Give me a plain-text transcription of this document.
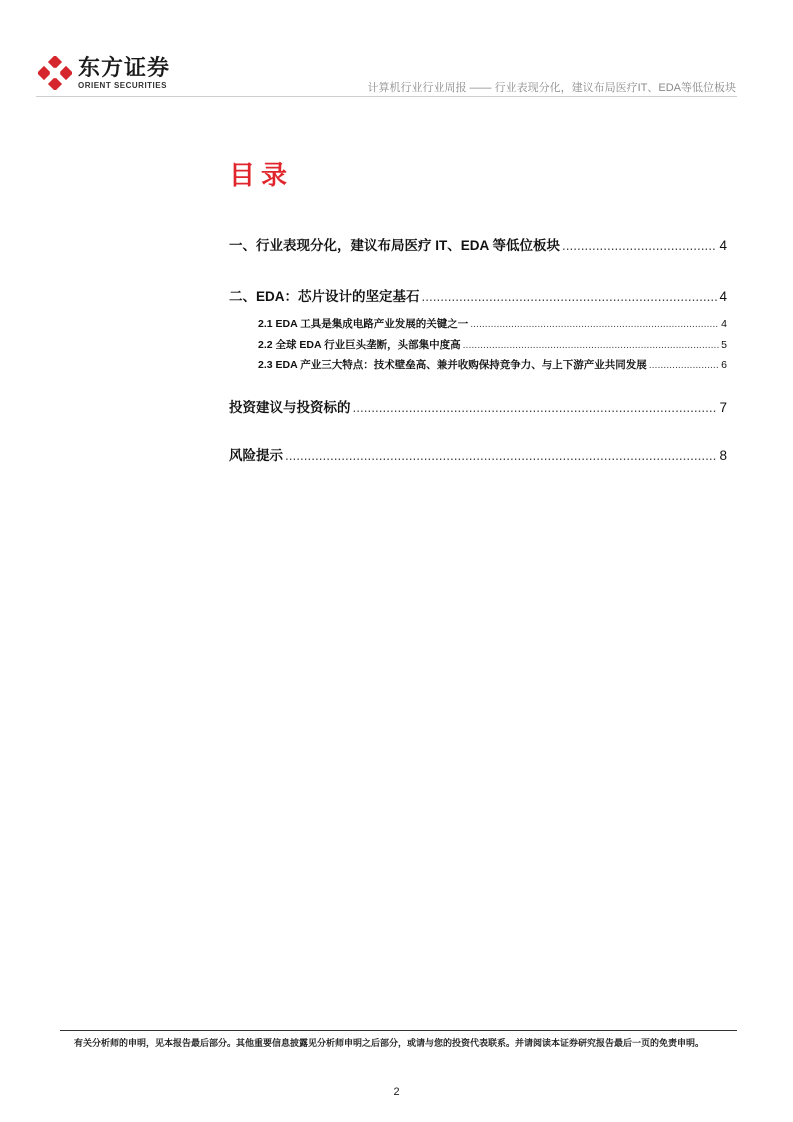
东方证券
ORIENT SECURITIES	计算机行业行业周报 —— 行业表现分化，建议布局医疗IT、EDA等低位板块
目录
一、行业表现分化，建议布局医疗 IT、EDA 等低位板块 .....	4
二、EDA：芯片设计的坚定基石 .....	4
2.1 EDA 工具是集成电路产业发展的关键之一 .....	4
2.2 全球 EDA 行业巨头垄断，头部集中度高 .....	5
2.3 EDA 产业三大特点：技术壁垒高、兼并收购保持竞争力、与上下游产业共同发展 .....	6
投资建议与投资标的 .....	7
风险提示 .....	8
有关分析师的申明，见本报告最后部分。其他重要信息披露见分析师申明之后部分，或请与您的投资代表联系。并请阅读本证券研究报告最后一页的免责申明。
2
